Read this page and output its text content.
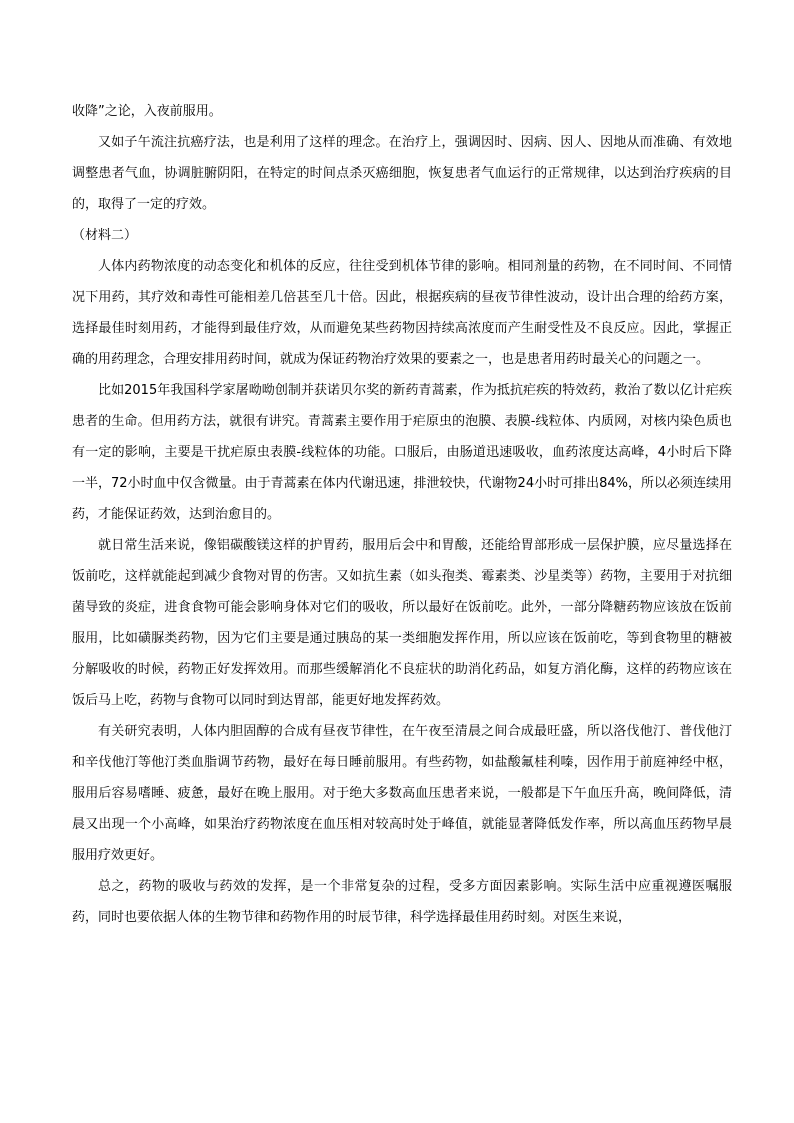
收降”之论，入夜前服用。

又如子午流注抗癌疗法，也是利用了这样的理念。在治疗上，强调因时、因病、因人、因地从而准确、有效地调整患者气血，协调脏腑阴阳，在特定的时间点杀灭癌细胞，恢复患者气血运行的正常规律，以达到治疗疾病的目的，取得了一定的疗效。

（材料二）

人体内药物浓度的动态变化和机体的反应，往往受到机体节律的影响。相同剂量的药物，在不同时间、不同情况下用药，其疗效和毒性可能相差几倍甚至几十倍。因此，根据疾病的昼夜节律性波动，设计出合理的给药方案，选择最佳时刻用药，才能得到最佳疗效，从而避免某些药物因持续高浓度而产生耐受性及不良反应。因此，掌握正确的用药理念，合理安排用药时间，就成为保证药物治疗效果的要素之一，也是患者用药时最关心的问题之一。

比如2015年我国科学家屠呦呦创制并获诺贝尔奖的新药青蒿素，作为抵抗疟疾的特效药，救治了数以亿计疟疾患者的生命。但用药方法，就很有讲究。青蒿素主要作用于疟原虫的泡膜、表膜-线粒体、内质网，对核内染色质也有一定的影响，主要是干扰疟原虫表膜-线粒体的功能。口服后，由肠道迅速吸收，血药浓度达高峰，4小时后下降一半，72小时血中仅含微量。由于青蒿素在体内代谢迅速，排泄较快，代谢物24小时可排出84%，所以必须连续用药，才能保证药效，达到治愈目的。

就日常生活来说，像铝碳酸镁这样的护胃药，服用后会中和胃酸，还能给胃部形成一层保护膜，应尽量选择在饭前吃，这样就能起到减少食物对胃的伤害。又如抗生素（如头孢类、霉素类、沙星类等）药物，主要用于对抗细菌导致的炎症，进食食物可能会影响身体对它们的吸收，所以最好在饭前吃。此外，一部分降糖药物应该放在饭前服用，比如磺脲类药物，因为它们主要是通过胰岛的某一类细胞发挥作用，所以应该在饭前吃，等到食物里的糖被分解吸收的时候，药物正好发挥效用。而那些缓解消化不良症状的助消化药品，如复方消化酶，这样的药物应该在饭后马上吃，药物与食物可以同时到达胃部，能更好地发挥药效。

有关研究表明，人体内胆固醇的合成有昼夜节律性，在午夜至清晨之间合成最旺盛，所以洛伐他汀、普伐他汀和辛伐他汀等他汀类血脂调节药物，最好在每日睡前服用。有些药物，如盐酸氟桂利嗪，因作用于前庭神经中枢，服用后容易嗜睡、疲惫，最好在晚上服用。对于绝大多数高血压患者来说，一般都是下午血压升高，晚间降低，清晨又出现一个小高峰，如果治疗药物浓度在血压相对较高时处于峰值，就能显著降低发作率，所以高血压药物早晨服用疗效更好。

总之，药物的吸收与药效的发挥，是一个非常复杂的过程，受多方面因素影响。实际生活中应重视遵医嘱服药，同时也要依据人体的生物节律和药物作用的时辰节律，科学选择最佳用药时刻。对医生来说，
